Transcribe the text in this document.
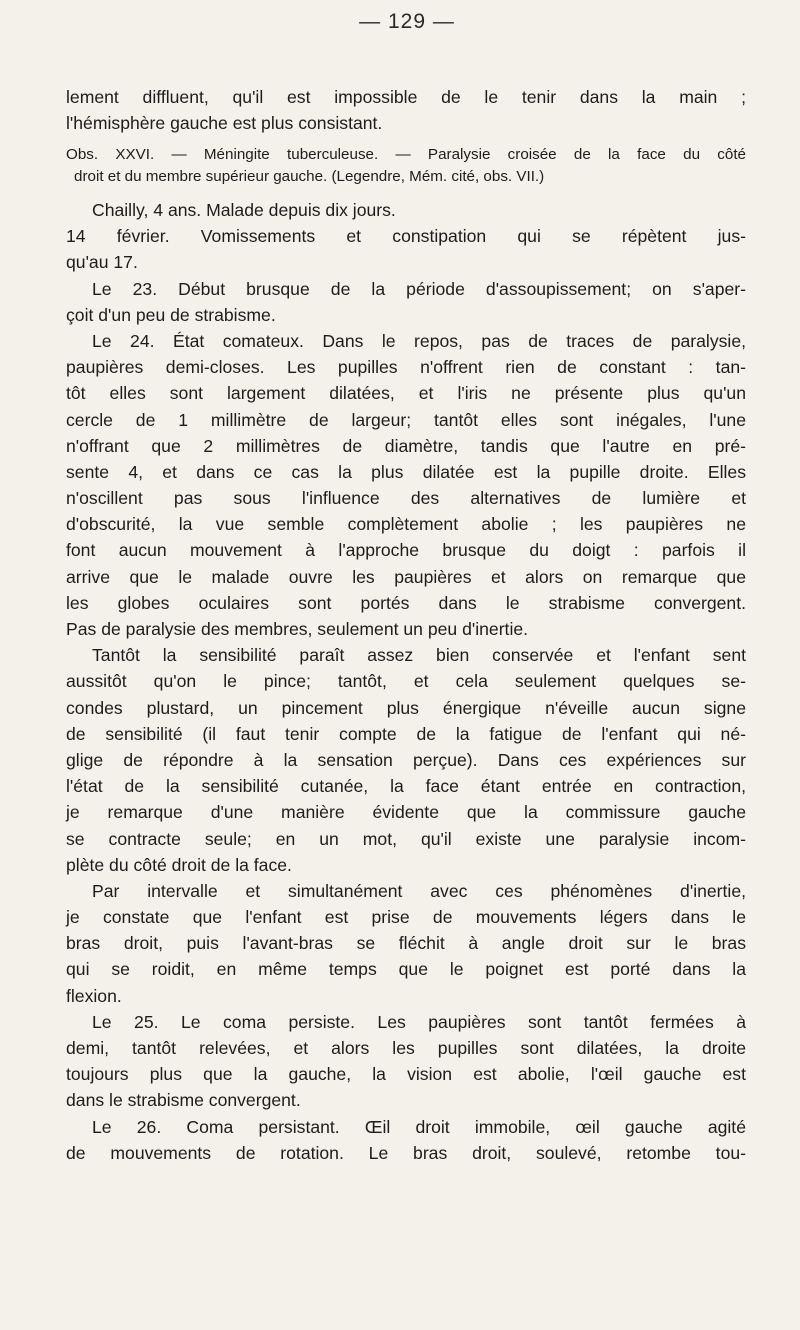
— 129 —
lement diffluent, qu'il est impossible de le tenir dans la main ;
l'hémisphère gauche est plus consistant.
Obs. XXVI. — Méningite tuberculeuse. — Paralysie croisée de la face du côté
droit et du membre supérieur gauche. (Legendre, Mém. cité, obs. VII.)
Chailly, 4 ans. Malade depuis dix jours.
14 février. Vomissements et constipation qui se répètent jus-
qu'au 17.
Le 23. Début brusque de la période d'assoupissement; on s'aper-
çoit d'un peu de strabisme.
Le 24. État comateux. Dans le repos, pas de traces de paralysie,
paupières demi-closes. Les pupilles n'offrent rien de constant : tan-
tôt elles sont largement dilatées, et l'iris ne présente plus qu'un
cercle de 1 millimètre de largeur; tantôt elles sont inégales, l'une
n'offrant que 2 millimètres de diamètre, tandis que l'autre en pré-
sente 4, et dans ce cas la plus dilatée est la pupille droite. Elles
n'oscillent pas sous l'influence des alternatives de lumière et
d'obscurité, la vue semble complètement abolie ; les paupières ne
font aucun mouvement à l'approche brusque du doigt : parfois il
arrive que le malade ouvre les paupières et alors on remarque que
les globes oculaires sont portés dans le strabisme convergent.
Pas de paralysie des membres, seulement un peu d'inertie.
Tantôt la sensibilité paraît assez bien conservée et l'enfant sent
aussitôt qu'on le pince; tantôt, et cela seulement quelques se-
condes plustard, un pincement plus énergique n'éveille aucun signe
de sensibilité (il faut tenir compte de la fatigue de l'enfant qui né-
glige de répondre à la sensation perçue). Dans ces expériences sur
l'état de la sensibilité cutanée, la face étant entrée en contraction,
je remarque d'une manière évidente que la commissure gauche
se contracte seule; en un mot, qu'il existe une paralysie incom-
plète du côté droit de la face.
Par intervalle et simultanément avec ces phénomènes d'inertie,
je constate que l'enfant est prise de mouvements légers dans le
bras droit, puis l'avant-bras se fléchit à angle droit sur le bras
qui se roidit, en même temps que le poignet est porté dans la
flexion.
Le 25. Le coma persiste. Les paupières sont tantôt fermées à
demi, tantôt relevées, et alors les pupilles sont dilatées, la droite
toujours plus que la gauche, la vision est abolie, l'œil gauche est
dans le strabisme convergent.
Le 26. Coma persistant. Œil droit immobile, œil gauche agité
de mouvements de rotation. Le bras droit, soulevé, retombe tou-
